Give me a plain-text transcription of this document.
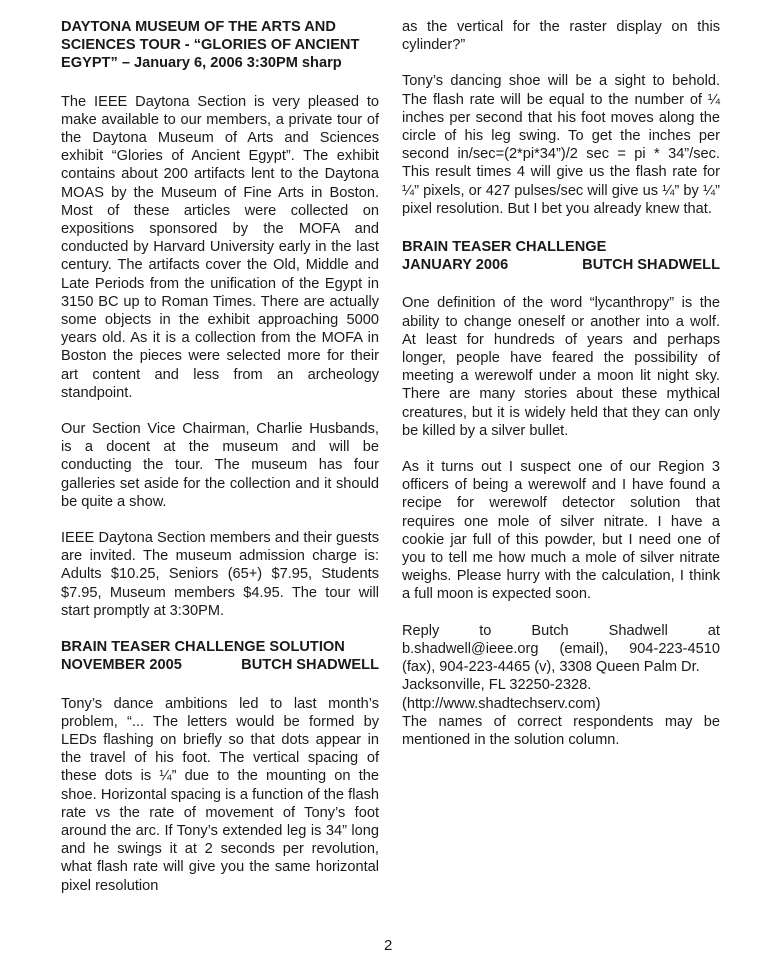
DAYTONA MUSEUM OF THE ARTS AND
SCIENCES TOUR - “GLORIES OF ANCIENT
EGYPT” – January 6, 2006 3:30PM sharp

The IEEE Daytona Section is very pleased to make available to our members, a private tour of the Daytona Museum of Arts and Sciences exhibit “Glories of Ancient Egypt”. The exhibit contains about 200 artifacts lent to the Daytona MOAS by the Museum of Fine Arts in Boston. Most of these articles were collected on expositions sponsored by the MOFA and conducted by Harvard University early in the last century. The artifacts cover the Old, Middle and Late Periods from the unification of the Egypt in 3150 BC up to Roman Times. There are actually some objects in the exhibit approaching 5000 years old. As it is a collection from the MOFA in Boston the pieces were selected more for their art content and less from an archeology standpoint.

Our Section Vice Chairman, Charlie Husbands, is a docent at the museum and will be conducting the tour. The museum has four galleries set aside for the collection and it should be quite a show.

IEEE Daytona Section members and their guests are invited. The museum admission charge is: Adults $10.25, Seniors (65+) $7.95, Students $7.95, Museum members $4.95. The tour will start promptly at 3:30PM.

BRAIN TEASER CHALLENGE SOLUTION
NOVEMBER 2005	BUTCH SHADWELL

Tony’s dance ambitions led to last month’s problem, “... The letters would be formed by LEDs flashing on briefly so that dots appear in the travel of his foot. The vertical spacing of these dots is ¼” due to the mounting on the shoe. Horizontal spacing is a function of the flash rate vs the rate of movement of Tony’s foot around the arc. If Tony’s extended leg is 34” long and he swings it at 2 seconds per revolution, what flash rate will give you the same horizontal pixel resolution

as the vertical for the raster display on this cylinder?”

Tony’s dancing shoe will be a sight to behold. The flash rate will be equal to the number of ¼ inches per second that his foot moves along the circle of his leg swing. To get the inches per second in/sec=(2*pi*34”)/2 sec = pi * 34”/sec. This result times 4 will give us the flash rate for ¼” pixels, or 427 pulses/sec will give us ¼” by ¼” pixel resolution. But I bet you already knew that.

BRAIN TEASER CHALLENGE
JANUARY 2006	BUTCH SHADWELL

One definition of the word “lycanthropy” is the ability to change oneself or another into a wolf. At least for hundreds of years and perhaps longer, people have feared the possibility of meeting a werewolf under a moon lit night sky. There are many stories about these mythical creatures, but it is widely held that they can only be killed by a silver bullet.

As it turns out I suspect one of our Region 3 officers of being a werewolf and I have found a recipe for werewolf detector solution that requires one mole of silver nitrate. I have a cookie jar full of this powder, but I need one of you to tell me how much a mole of silver nitrate weighs. Please hurry with the calculation, I think a full moon is expected soon.

Reply	to	Butch	Shadwell	at
b.shadwell@ieee.org (email), 904-223-4510 (fax), 904-223-4465 (v), 3308 Queen Palm Dr.
Jacksonville, FL 32250-2328.
(http://www.shadtechserv.com)
The names of correct respondents may be mentioned in the solution column.
2
